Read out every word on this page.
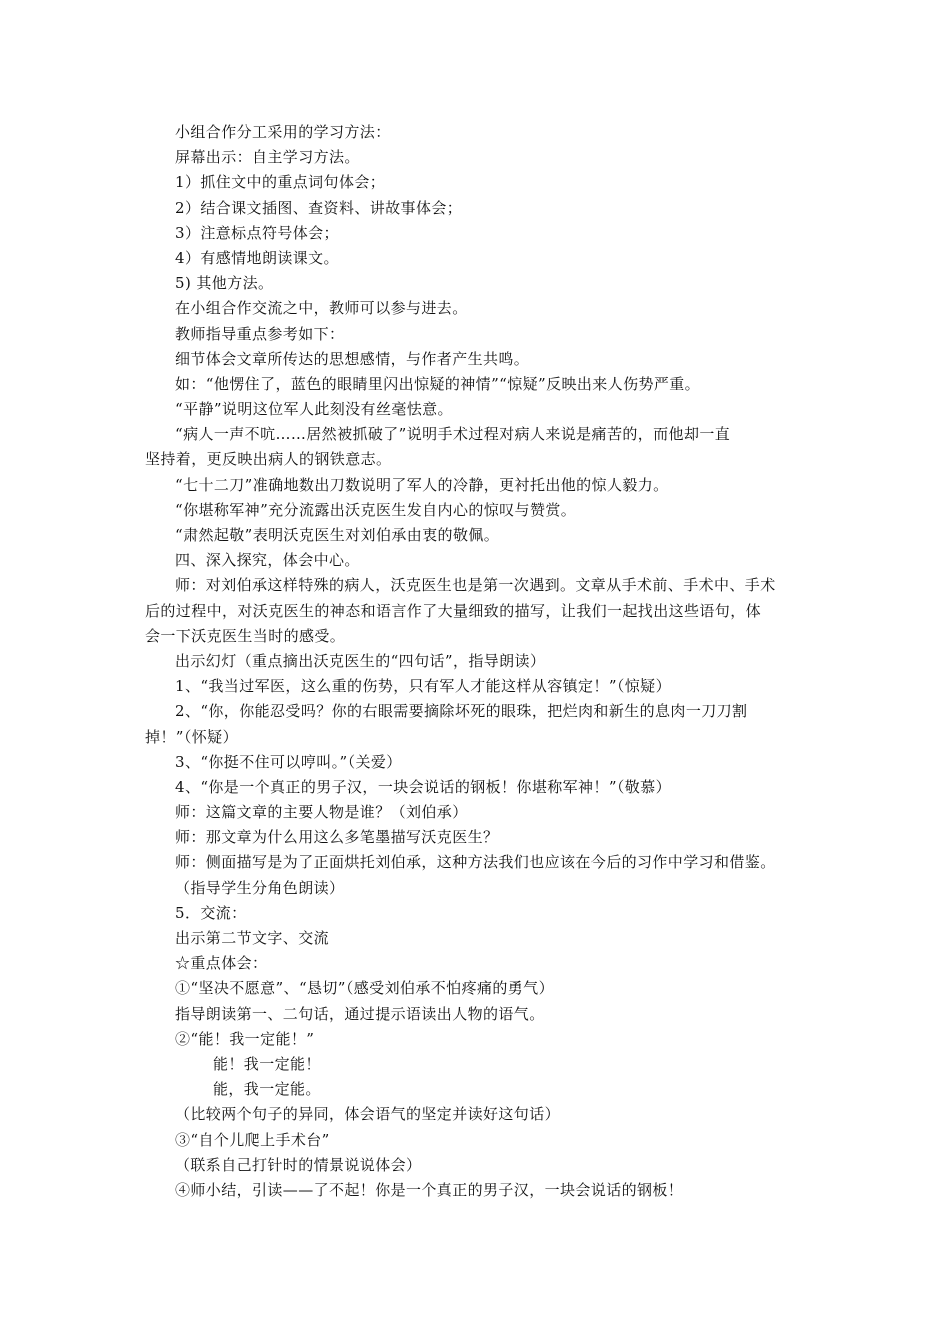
小组合作分工采用的学习方法：
屏幕出示：自主学习方法。
1）抓住文中的重点词句体会；
2）结合课文插图、查资料、讲故事体会；
3）注意标点符号体会；
4）有感情地朗读课文。
5) 其他方法。
在小组合作交流之中，教师可以参与进去。
教师指导重点参考如下：
细节体会文章所传达的思想感情，与作者产生共鸣。
如：“他愣住了，蓝色的眼睛里闪出惊疑的神情”“惊疑”反映出来人伤势严重。
“平静”说明这位军人此刻没有丝毫怯意。
“病人一声不吭……居然被抓破了”说明手术过程对病人来说是痛苦的，而他却一直
坚持着，更反映出病人的钢铁意志。
“七十二刀”准确地数出刀数说明了军人的冷静，更衬托出他的惊人毅力。
“你堪称军神”充分流露出沃克医生发自内心的惊叹与赞赏。
“肃然起敬”表明沃克医生对刘伯承由衷的敬佩。
四、深入探究，体会中心。
师：对刘伯承这样特殊的病人，沃克医生也是第一次遇到。文章从手术前、手术中、手术
后的过程中，对沃克医生的神态和语言作了大量细致的描写，让我们一起找出这些语句，体
会一下沃克医生当时的感受。
出示幻灯（重点摘出沃克医生的“四句话”，指导朗读）
1、“我当过军医，这么重的伤势，只有军人才能这样从容镇定！”（惊疑）
2、“你，你能忍受吗？你的右眼需要摘除坏死的眼珠，把烂肉和新生的息肉一刀刀割
掉！”（怀疑）
3、“你挺不住可以哼叫。”（关爱）
4、“你是一个真正的男子汉，一块会说话的钢板！你堪称军神！”（敬慕）
师：这篇文章的主要人物是谁？（刘伯承）
师：那文章为什么用这么多笔墨描写沃克医生？
师：侧面描写是为了正面烘托刘伯承，这种方法我们也应该在今后的习作中学习和借鉴。
（指导学生分角色朗读）
5．交流：
出示第二节文字、交流
☆重点体会：
①“坚决不愿意”、“恳切”（感受刘伯承不怕疼痛的勇气）
指导朗读第一、二句话，通过提示语读出人物的语气。
②“能！我一定能！”
能！我一定能！
能，我一定能。
（比较两个句子的异同，体会语气的坚定并读好这句话）
③“自个儿爬上手术台”
（联系自己打针时的情景说说体会）
④师小结，引读——了不起！你是一个真正的男子汉，一块会说话的钢板！
